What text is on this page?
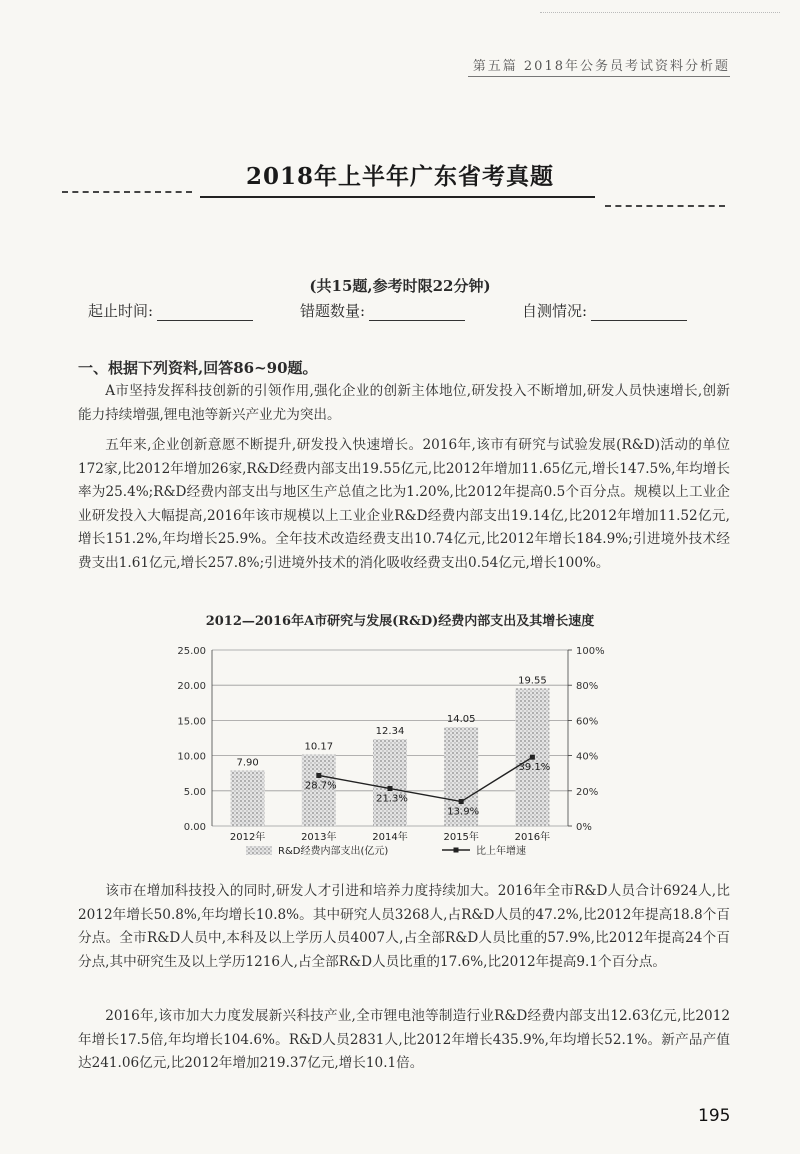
第五篇 2018年公务员考试资料分析题
2018年上半年广东省考真题
(共15题,参考时限22分钟)
起止时间:	错题数量:	自测情况:
一、根据下列资料,回答86~90题。

A市坚持发挥科技创新的引领作用,强化企业的创新主体地位,研发投入不断增加,研发人员快速增长,创新能力持续增强,锂电池等新兴产业尤为突出。

五年来,企业创新意愿不断提升,研发投入快速增长。2016年,该市有研究与试验发展(R&D)活动的单位172家,比2012年增加26家,R&D经费内部支出19.55亿元,比2012年增加11.65亿元,增长147.5%,年均增长率为25.4%;R&D经费内部支出与地区生产总值之比为1.20%,比2012年提高0.5个百分点。规模以上工业企业研发投入大幅提高,2016年该市规模以上工业企业R&D经费内部支出19.14亿,比2012年增加11.52亿元,增长151.2%,年均增长25.9%。全年技术改造经费支出10.74亿元,比2012年增长184.9%;引进境外技术经费支出1.61亿元,增长257.8%;引进境外技术的消化吸收经费支出0.54亿元,增长100%。

2012—2016年A市研究与发展(R&D)经费内部支出及其增长速度
7.90
10.17
12.34
14.05
19.55
28.7%
21.3%
13.9%
39.1%
0.00
5.00
10.00
15.00
20.00
25.00
0%
20%
40%
60%
80%
100%
2012年	2013年	2014年	2015年	2016年
R&D经费内部支出(亿元)	比上年增速

该市在增加科技投入的同时,研发人才引进和培养力度持续加大。2016年全市R&D人员合计6924人,比2012年增长50.8%,年均增长10.8%。其中研究人员3268人,占R&D人员的47.2%,比2012年提高18.8个百分点。全市R&D人员中,本科及以上学历人员4007人,占全部R&D人员比重的57.9%,比2012年提高24个百分点,其中研究生及以上学历1216人,占全部R&D人员比重的17.6%,比2012年提高9.1个百分点。

2016年,该市加大力度发展新兴科技产业,全市锂电池等制造行业R&D经费内部支出12.63亿元,比2012年增长17.5倍,年均增长104.6%。R&D人员2831人,比2012年增长435.9%,年均增长52.1%。新产品产值达241.06亿元,比2012年增加219.37亿元,增长10.1倍。

195
